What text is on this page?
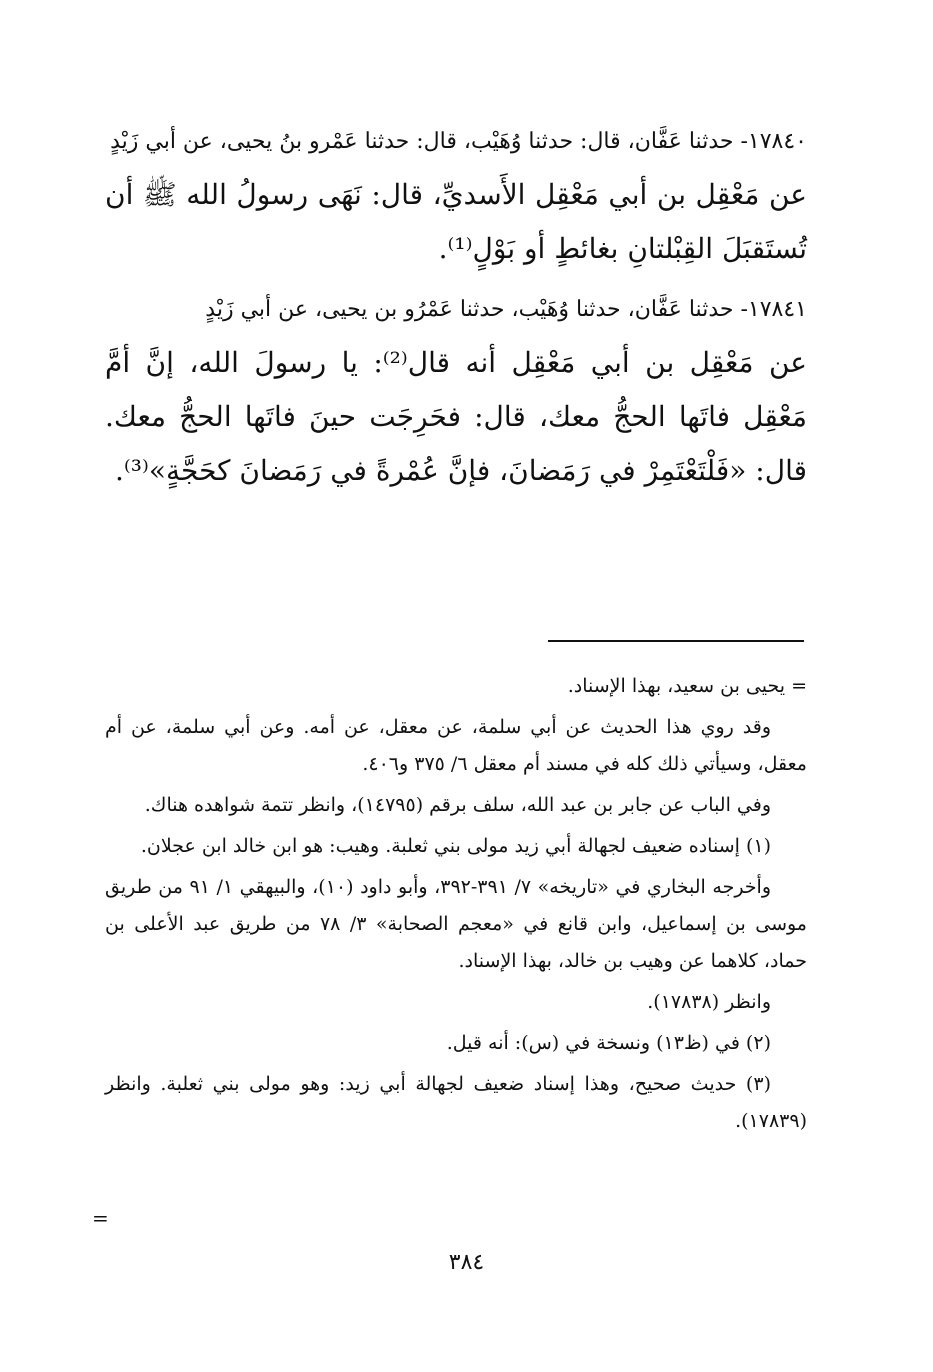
١٧٨٤٠- حدثنا عَفَّان، قال: حدثنا وُهَيْب، قال: حدثنا عَمْرو بنُ يحيى، عن أبي زَيْدٍ

عن مَعْقِل بن أبي مَعْقِل الأَسديِّ، قال: نَهَى رسولُ الله ﷺ أن تُستَقبَلَ القِبْلتانِ بغائطٍ أو بَوْلٍ⁽¹⁾.

١٧٨٤١- حدثنا عَفَّان، حدثنا وُهَيْب، حدثنا عَمْرُو بن يحيى، عن أبي زَيْدٍ

عن مَعْقِل بن أبي مَعْقِل أنه قال⁽²⁾: يا رسولَ الله، إنَّ أمَّ مَعْقِل فاتَها الحجُّ معك، قال: فحَرِجَت حينَ فاتَها الحجُّ معك. قال: «فَلْتَعْتَمِرْ في رَمَضانَ، فإنَّ عُمْرةً في رَمَضانَ كحَجَّةٍ»⁽³⁾.

= يحيى بن سعيد، بهذا الإسناد.

وقد روي هذا الحديث عن أبي سلمة، عن معقل، عن أمه. وعن أبي سلمة، عن أم معقل، وسيأتي ذلك كله في مسند أم معقل ٦/ ٣٧٥ و٤٠٦.

وفي الباب عن جابر بن عبد الله، سلف برقم (١٤٧٩٥)، وانظر تتمة شواهده هناك.

(١) إسناده ضعيف لجهالة أبي زيد مولى بني ثعلبة. وهيب: هو ابن خالد ابن عجلان.

وأخرجه البخاري في «تاريخه» ٧/ ٣٩١-٣٩٢، وأبو داود (١٠)، والبيهقي ١/ ٩١ من طريق موسى بن إسماعيل، وابن قانع في «معجم الصحابة» ٣/ ٧٨ من طريق عبد الأعلى بن حماد، كلاهما عن وهيب بن خالد، بهذا الإسناد.

وانظر (١٧٨٣٨).

(٢) في (ظ١٣) ونسخة في (س): أنه قيل.

(٣) حديث صحيح، وهذا إسناد ضعيف لجهالة أبي زيد: وهو مولى بني ثعلبة. وانظر (١٧٨٣٩).

=
٣٨٤
